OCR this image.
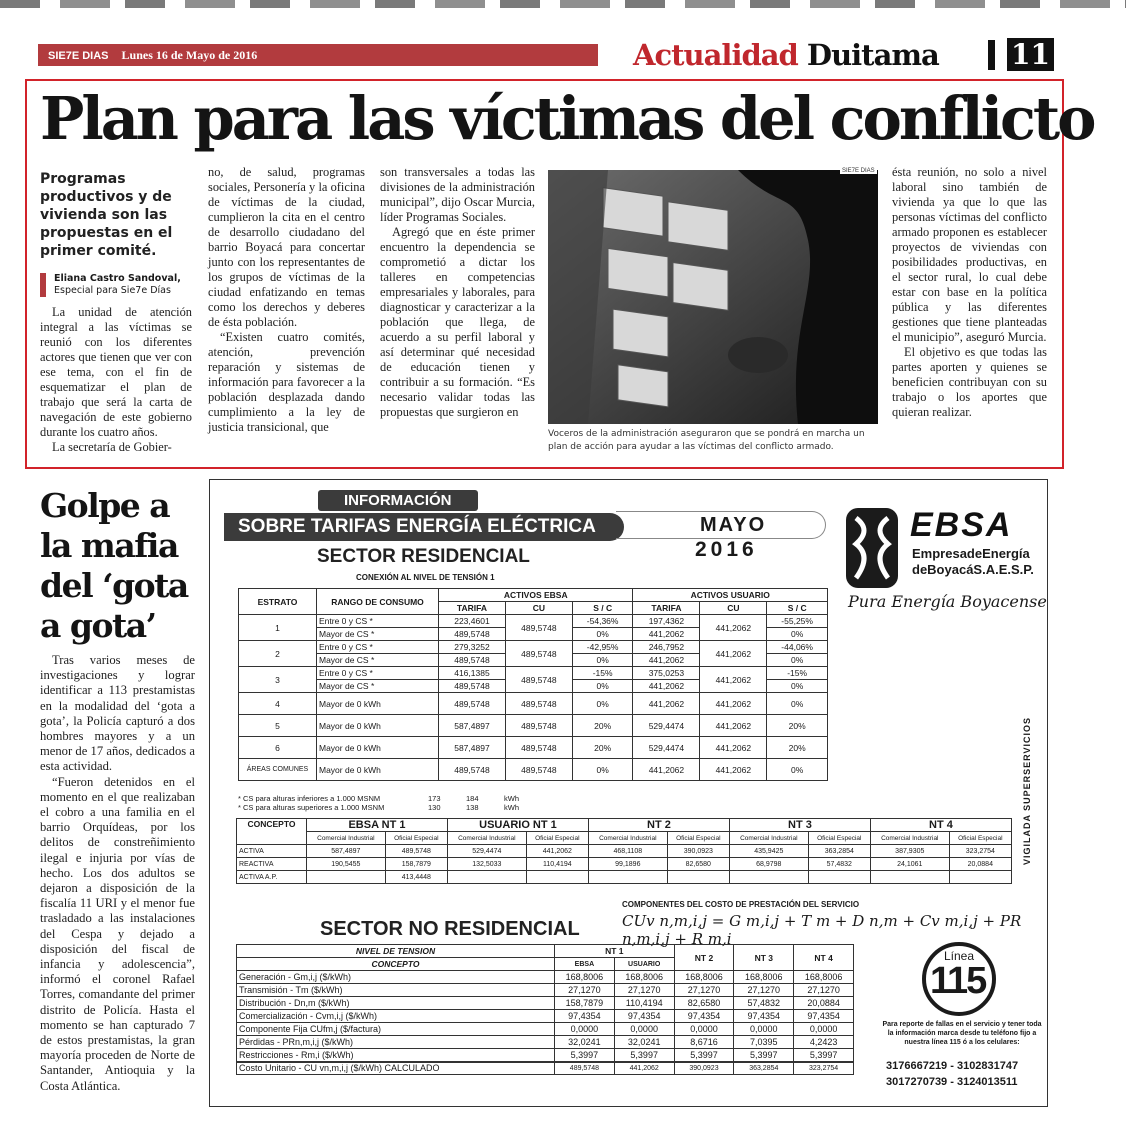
SIE7E DIAS Lunes 16 de Mayo de 2016	Actualidad Duitama	11
Plan para las víctimas del conflicto
Programas productivos y de vivienda son las propuestas en el primer comité.
Eliana Castro Sandoval,
Especial para Sie7e Días

La unidad de atención integral a las víctimas se reunió con los diferentes actores que tienen que ver con ese tema, con el fin de esquematizar el plan de trabajo que será la carta de navegación de este gobierno durante los cuatro años.

La secretaría de Gobier-

no, de salud, programas sociales, Personería y la oficina de víctimas de la ciudad, cumplieron la cita en el centro de desarrollo ciudadano del barrio Boyacá para concertar junto con los representantes de los grupos de víctimas de la ciudad enfatizando en temas como los derechos y deberes de ésta población.

“Existen cuatro comités, atención, prevención reparación y sistemas de información para favorecer a la población desplazada dando cumplimiento a la ley de justicia transicional, que

son transversales a todas las divisiones de la administración municipal”, dijo Oscar Murcia, líder Programas Sociales.

Agregó que en éste primer encuentro la dependencia se comprometió a dictar los talleres en competencias empresariales y laborales, para diagnosticar y caracterizar a la población que llega, de acuerdo a su perfil laboral y así determinar qué necesidad de educación tienen y contribuir a su formación. “Es necesario validar todas las propuestas que surgieron en

SIE7E DIAS
Voceros de la administración aseguraron que se pondrá en marcha un plan de acción para ayudar a las víctimas del conflicto armado.

ésta reunión, no solo a nivel laboral sino también de vivienda ya que lo que las personas víctimas del conflicto armado proponen es establecer proyectos de viviendas con posibilidades productivas, en el sector rural, lo cual debe estar con base en la política pública y las diferentes gestiones que tiene planteadas el municipio”, aseguró Murcia.

El objetivo es que todas las partes aporten y quienes se beneficien contribuyan con su trabajo o los aportes que quieran realizar.

Golpe a la mafia del ‘gota a gota’

Tras varios meses de investigaciones y lograr identificar a 113 prestamistas en la modalidad del ‘gota a gota’, la Policía capturó a dos hombres mayores y a un menor de 17 años, dedicados a esta actividad.

“Fueron detenidos en el momento en el que realizaban el cobro a una familia en el barrio Orquídeas, por los delitos de constreñimiento ilegal e injuria por vías de hecho. Los dos adultos se dejaron a disposición de la fiscalía 11 URI y el menor fue trasladado a las instalaciones del Cespa y dejado a disposición del fiscal de infancia y adolescencia”, informó el coronel Rafael Torres, comandante del primer distrito de Policía. Hasta el momento se han capturado 7 de estos prestamistas, la gran mayoría proceden de Norte de Santander, Antioquia y la Costa Atlántica.

INFORMACIÓN
SOBRE TARIFAS ENERGÍA ELÉCTRICA	MAYO
2016
SECTOR RESIDENCIAL
CONEXIÓN AL NIVEL DE TENSIÓN 1
EBSA
EmpresadeEnergía
deBoyacáS.A.E.S.P.
Pura Energía Boyacense
VIGILADA SUPERSERVICIOS
ESTRATO	RANGO DE CONSUMO	ACTIVOS EBSA			ACTIVOS USUARIO		
		TARIFA	CU	S / C	TARIFA	CU	S / C
1	Entre 0 y CS *	223,4601	489,5748	-54,36%	197,4362	441,2062	-55,25%
	Mayor de CS *	489,5748		0%	441,2062		0%
2	Entre 0 y CS *	279,3252	489,5748	-42,95%	246,7952	441,2062	-44,06%
	Mayor de CS *	489,5748		0%	441,2062		0%
3	Entre 0 y CS *	416,1385	489,5748	-15%	375,0253	441,2062	-15%
	Mayor de CS *	489,5748		0%	441,2062		0%
4	Mayor de 0 kWh	489,5748	489,5748	0%	441,2062	441,2062	0%
5	Mayor de 0 kWh	587,4897	489,5748	20%	529,4474	441,2062	20%
6	Mayor de 0 kWh	587,4897	489,5748	20%	529,4474	441,2062	20%
ÁREAS COMUNES	Mayor de 0 kWh	489,5748	489,5748	0%	441,2062	441,2062	0%
* CS para alturas inferiores a 1.000 MSNM	173	184	kWh
* CS para alturas superiores a 1.000 MSNM	130	138	kWh
CONCEPTO	EBSA NT 1		USUARIO NT 1		NT 2		NT 3		NT 4	
	Comercial Industrial	Oficial Especial	Comercial Industrial	Oficial Especial	Comercial Industrial	Oficial Especial	Comercial Industrial	Oficial Especial	Comercial Industrial	Oficial Especial
ACTIVA	587,4897	489,5748	529,4474	441,2062	468,1108	390,0923	435,9425	363,2854	387,9305	323,2754
REACTIVA	190,5455	158,7879	132,5033	110,4194	99,1896	82,6580	68,9798	57,4832	24,1061	20,0884
ACTIVA A.P.		413,4448								
COMPONENTES DEL COSTO DE PRESTACIÓN DEL SERVICIO
CUv n,m,i,j = G m,i,j + T m + D n,m + Cv m,i,j + PR n,m,i,j + R m,i
SECTOR NO RESIDENCIAL
NIVEL DE TENSION	NT 1		NT 2	NT 3	NT 4
CONCEPTO	EBSA	USUARIO			
Generación - Gm,i,j ($/kWh)	168,8006	168,8006	168,8006	168,8006	168,8006
Transmisión - Tm ($/kWh)	27,1270	27,1270	27,1270	27,1270	27,1270
Distribución - Dn,m ($/kWh)	158,7879	110,4194	82,6580	57,4832	20,0884
Comercialización - Cvm,i,j ($/kWh)	97,4354	97,4354	97,4354	97,4354	97,4354
Componente Fija CUfm,j ($/factura)	0,0000	0,0000	0,0000	0,0000	0,0000
Pérdidas - PRn,m,i,j ($/kWh)	32,0241	32,0241	8,6716	7,0395	4,2423
Restricciones - Rm,i ($/kWh)	5,3997	5,3997	5,3997	5,3997	5,3997
Costo Unitario - CU vn,m,i,j ($/kWh) CALCULADO	489,5748	441,2062	390,0923	363,2854	323,2754
Línea
115
Para reporte de fallas en el servicio y tener toda la información marca desde tu teléfono fijo a nuestra línea 115 ó a los celulares:
3176667219 - 3102831747
3017270739 - 3124013511
